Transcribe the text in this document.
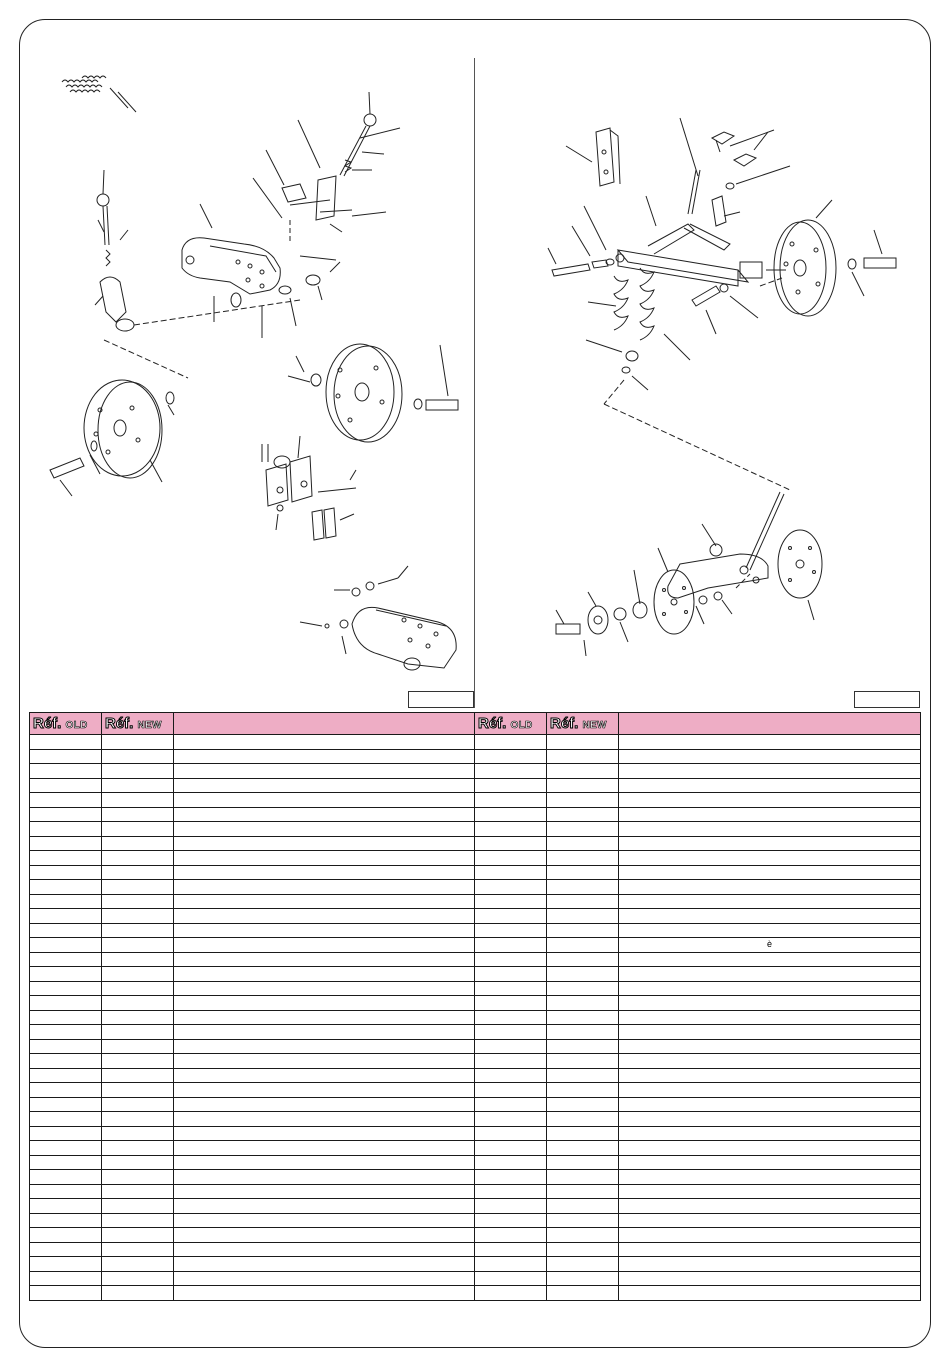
Réf. OLD	Réf. NEW		Réf. OLD	Réf. NEW	

					è
